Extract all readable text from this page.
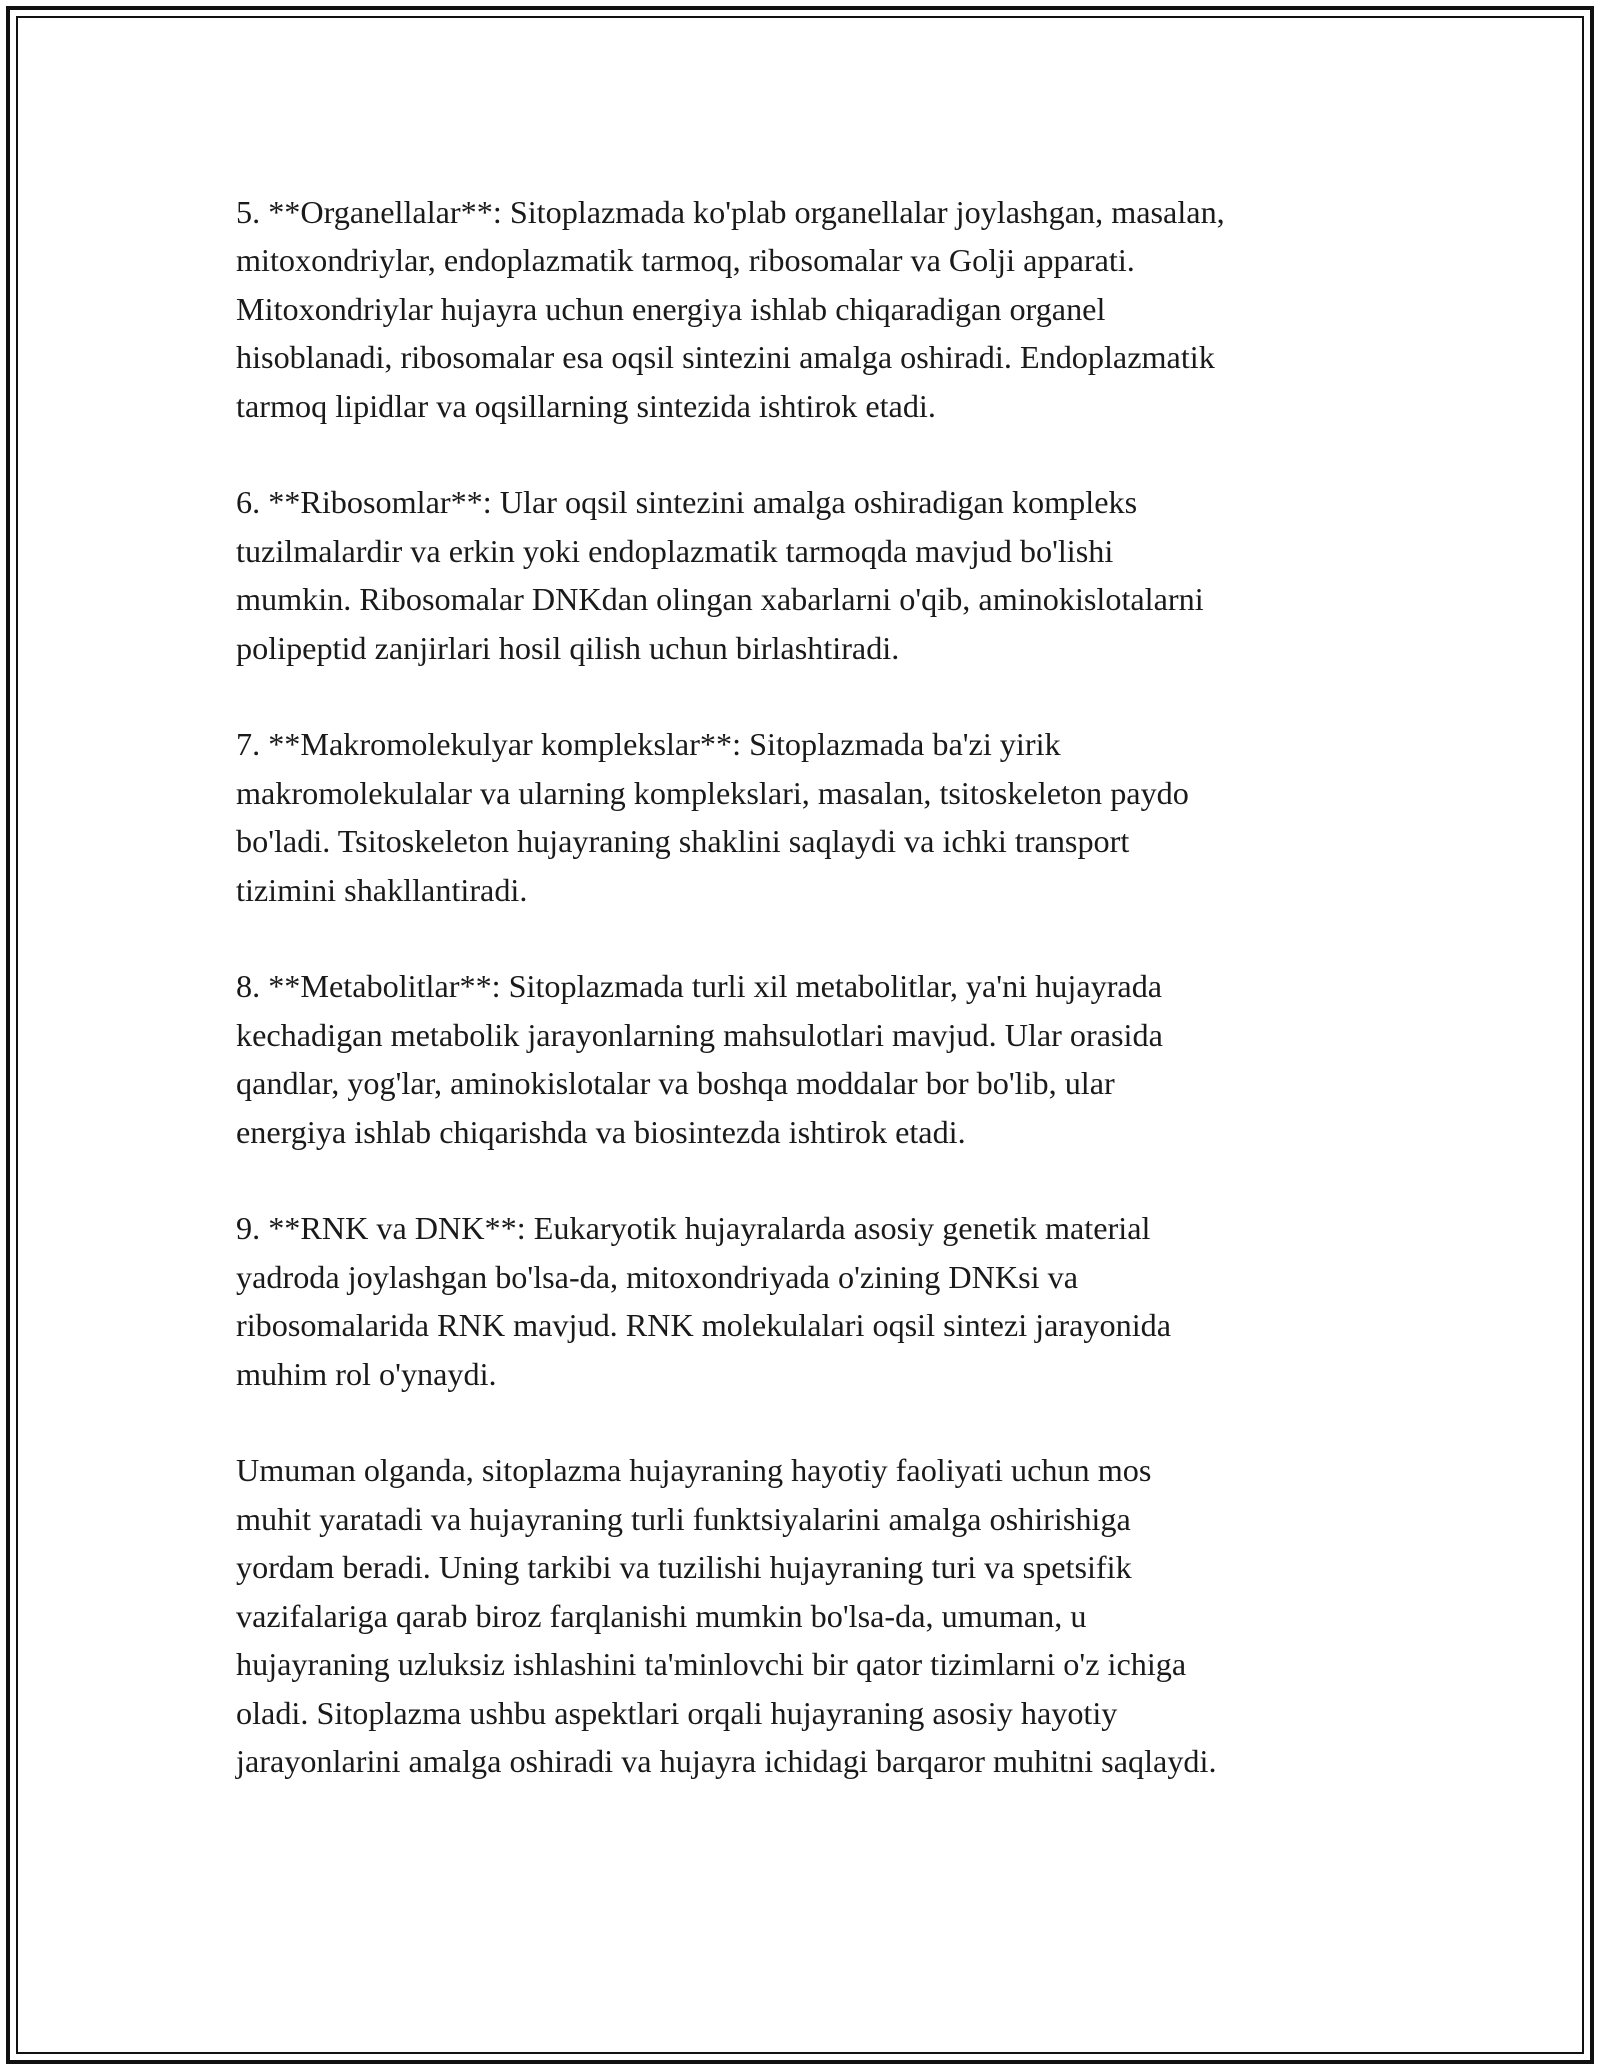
5. **Organellalar**: Sitoplazmada ko'plab organellalar joylashgan, masalan,
mitoxondriylar, endoplazmatik tarmoq, ribosomalar va Golji apparati.
Mitoxondriylar hujayra uchun energiya ishlab chiqaradigan organel
hisoblanadi, ribosomalar esa oqsil sintezini amalga oshiradi. Endoplazmatik
tarmoq lipidlar va oqsillarning sintezida ishtirok etadi.

6. **Ribosomlar**: Ular oqsil sintezini amalga oshiradigan kompleks
tuzilmalardir va erkin yoki endoplazmatik tarmoqda mavjud bo'lishi
mumkin. Ribosomalar DNKdan olingan xabarlarni o'qib, aminokislotalarni
polipeptid zanjirlari hosil qilish uchun birlashtiradi.

7. **Makromolekulyar komplekslar**: Sitoplazmada ba'zi yirik
makromolekulalar va ularning komplekslari, masalan, tsitoskeleton paydo
bo'ladi. Tsitoskeleton hujayraning shaklini saqlaydi va ichki transport
tizimini shakllantiradi.

8. **Metabolitlar**: Sitoplazmada turli xil metabolitlar, ya'ni hujayrada
kechadigan metabolik jarayonlarning mahsulotlari mavjud. Ular orasida
qandlar, yog'lar, aminokislotalar va boshqa moddalar bor bo'lib, ular
energiya ishlab chiqarishda va biosintezda ishtirok etadi.

9. **RNK va DNK**: Eukaryotik hujayralarda asosiy genetik material
yadroda joylashgan bo'lsa-da, mitoxondriyada o'zining DNKsi va
ribosomalarida RNK mavjud. RNK molekulalari oqsil sintezi jarayonida
muhim rol o'ynaydi.

Umuman olganda, sitoplazma hujayraning hayotiy faoliyati uchun mos
muhit yaratadi va hujayraning turli funktsiyalarini amalga oshirishiga
yordam beradi. Uning tarkibi va tuzilishi hujayraning turi va spetsifik
vazifalariga qarab biroz farqlanishi mumkin bo'lsa-da, umuman, u
hujayraning uzluksiz ishlashini ta'minlovchi bir qator tizimlarni o'z ichiga
oladi. Sitoplazma ushbu aspektlari orqali hujayraning asosiy hayotiy
jarayonlarini amalga oshiradi va hujayra ichidagi barqaror muhitni saqlaydi.
